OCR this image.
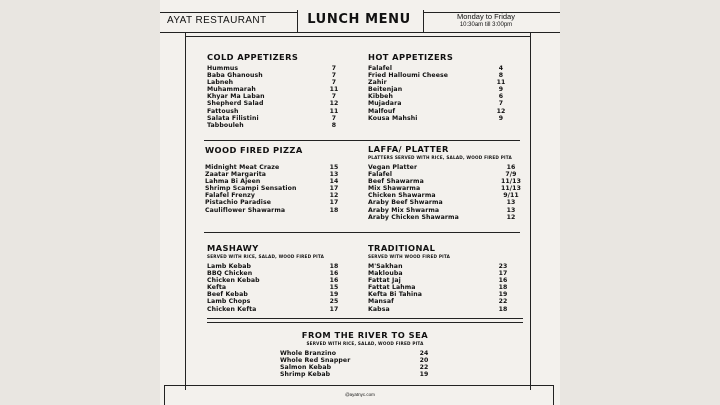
AYAT RESTAURANT	LUNCH MENU	Monday to Friday
10:30am till 3:00pm
COLD APPETIZERS
Hummus	7
Baba Ghanoush	7
Labneh	7
Muhammarah	11
Khyar Ma Laban	7
Shepherd Salad	12
Fattoush	11
Salata Filistini	7
Tabbouleh	8
HOT APPETIZERS
Falafel	4
Fried Halloumi Cheese	8
Zahir	11
Beitenjan	9
Kibbeh	6
Mujadara	7
Malfouf	12
Kousa Mahshi	9
WOOD FIRED PIZZA
Midnight Meat Craze	15
Zaatar Margarita	13
Lahma Bi Ajeen	14
Shrimp Scampi Sensation	17
Falafel Frenzy	12
Pistachio Paradise	17
Cauliflower Shawarma	18
LAFFA/ PLATTER
PLATTERS SERVED WITH RICE, SALAD, WOOD FIRED PITA
Vegan Platter	16
Falafel	7/9
Beef Shawarma	11/13
Mix Shawarma	11/13
Chicken Shawarma	9/11
Araby Beef Shwarma	13
Araby Mix Shwarma	13
Araby Chicken Shawarma	12
MASHAWY
SERVED WITH RICE, SALAD, WOOD FIRED PITA
Lamb Kebab	18
BBQ Chicken	16
Chicken Kebab	16
Kefta	15
Beef Kebab	19
Lamb Chops	25
Chicken Kefta	17
TRADITIONAL
SERVED WITH WOOD FIRED PITA
M'Sakhan	23
Maklouba	17
Fattat Jaj	16
Fattat Lahma	18
Kefta Bi Tahina	19
Mansaf	22
Kabsa	18
FROM THE RIVER TO SEA
SERVED WITH RICE, SALAD, WOOD FIRED PITA
Whole Branzino	24
Whole Red Snapper	20
Salmon Kebab	22
Shrimp Kebab	19
@ayatnyc.com
